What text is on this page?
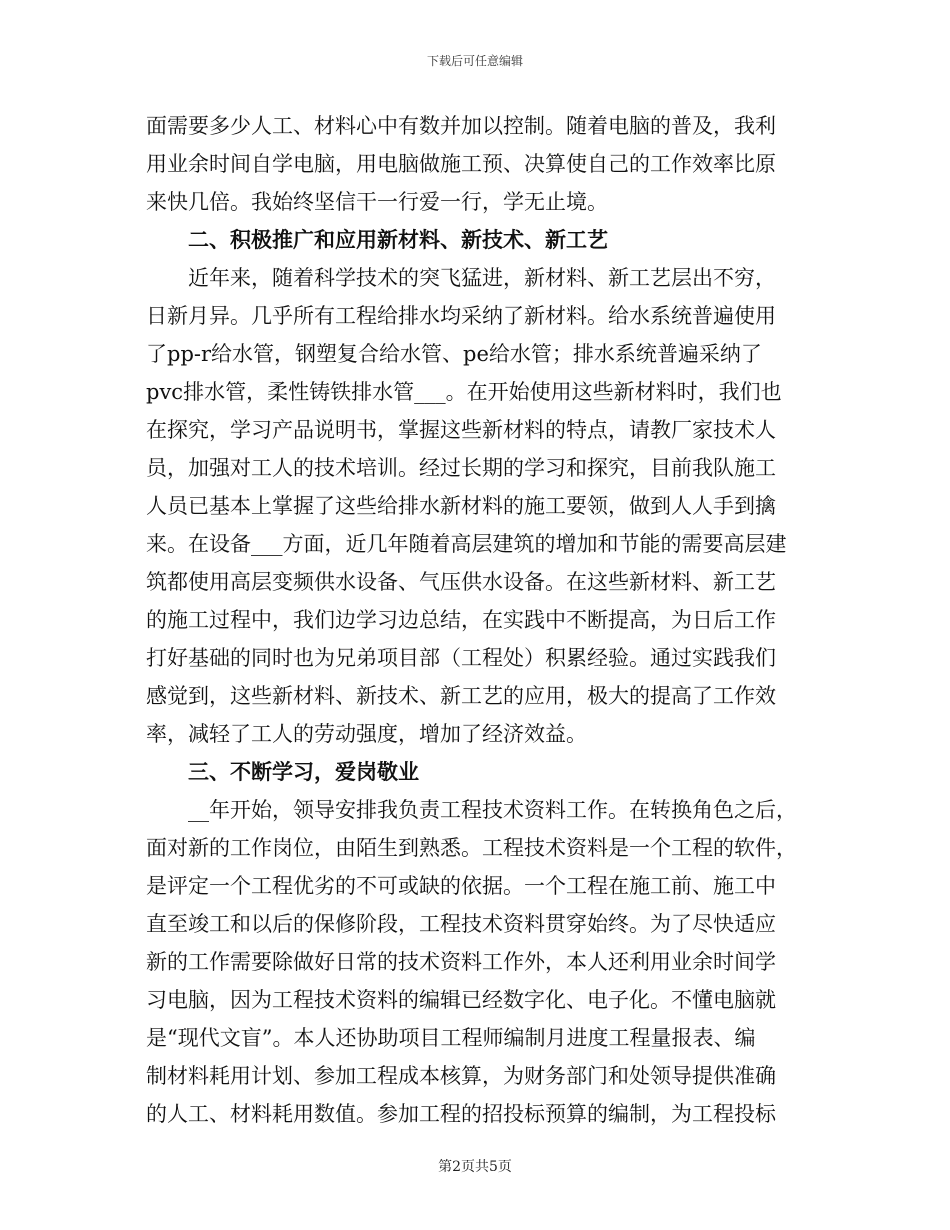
下载后可任意编辑
面需要多少人工、材料心中有数并加以控制。随着电脑的普及，我利
用业余时间自学电脑，用电脑做施工预、决算使自己的工作效率比原
来快几倍。我始终坚信干一行爱一行，学无止境。
二、积极推广和应用新材料、新技术、新工艺
近年来，随着科学技术的突飞猛进，新材料、新工艺层出不穷，
日新月异。几乎所有工程给排水均采纳了新材料。给水系统普遍使用
了pp-r给水管，钢塑复合给水管、pe给水管；排水系统普遍采纳了
pvc排水管，柔性铸铁排水管___。在开始使用这些新材料时，我们也
在探究，学习产品说明书，掌握这些新材料的特点，请教厂家技术人
员，加强对工人的技术培训。经过长期的学习和探究，目前我队施工
人员已基本上掌握了这些给排水新材料的施工要领，做到人人手到擒
来。在设备___方面，近几年随着高层建筑的增加和节能的需要高层建
筑都使用高层变频供水设备、气压供水设备。在这些新材料、新工艺
的施工过程中，我们边学习边总结，在实践中不断提高，为日后工作
打好基础的同时也为兄弟项目部（工程处）积累经验。通过实践我们
感觉到，这些新材料、新技术、新工艺的应用，极大的提高了工作效
率，减轻了工人的劳动强度，增加了经济效益。
三、不断学习，爱岗敬业
__年开始，领导安排我负责工程技术资料工作。在转换角色之后，
面对新的工作岗位，由陌生到熟悉。工程技术资料是一个工程的软件，
是评定一个工程优劣的不可或缺的依据。一个工程在施工前、施工中
直至竣工和以后的保修阶段，工程技术资料贯穿始终。为了尽快适应
新的工作需要除做好日常的技术资料工作外，本人还利用业余时间学
习电脑，因为工程技术资料的编辑已经数字化、电子化。不懂电脑就
是“现代文盲”。本人还协助项目工程师编制月进度工程量报表、编
制材料耗用计划、参加工程成本核算，为财务部门和处领导提供准确
的人工、材料耗用数值。参加工程的招投标预算的编制，为工程投标
第2页共5页
